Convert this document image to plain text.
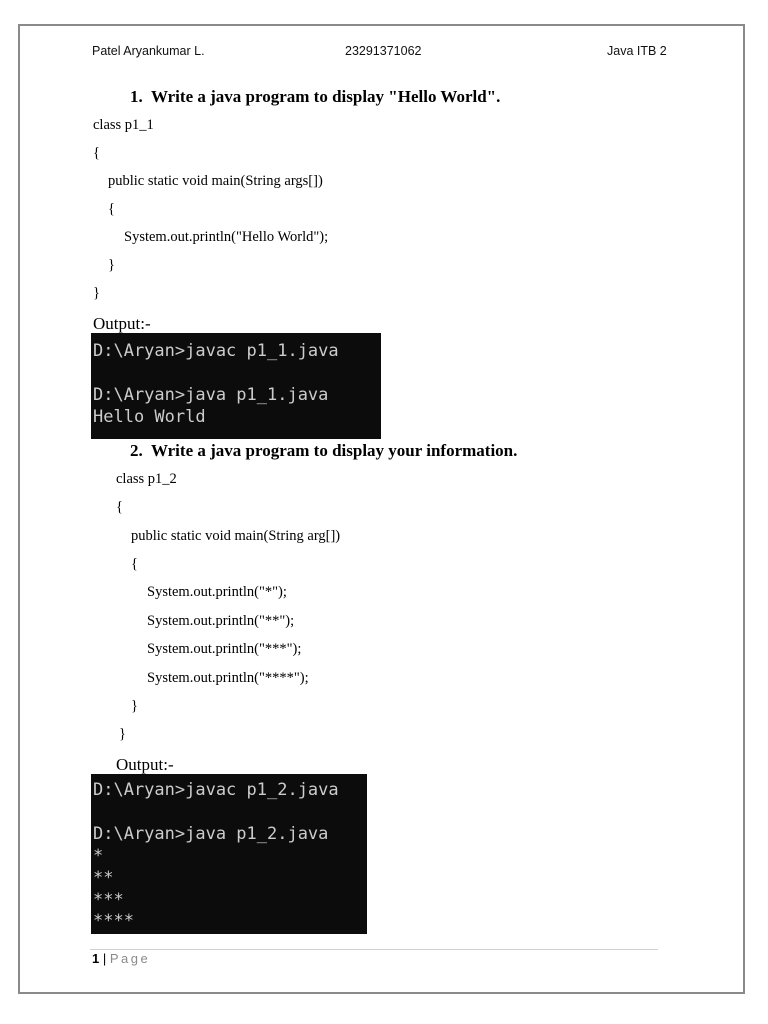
Patel Aryankumar L.	23291371062	Java ITB 2
1.  Write a java program to display "Hello World".
class p1_1
{
public static void main(String args[])
{
System.out.println("Hello World");
}
}
Output:-
D:\Aryan>javac p1_1.java
D:\Aryan>java p1_1.java
Hello World
2.  Write a java program to display your information.
class p1_2
{
public static void main(String arg[])
{
System.out.println("*");
System.out.println("**");
System.out.println("***");
System.out.println("****");
}
}
Output:-
D:\Aryan>javac p1_2.java
D:\Aryan>java p1_2.java
*
**
***
****
1 | Page
